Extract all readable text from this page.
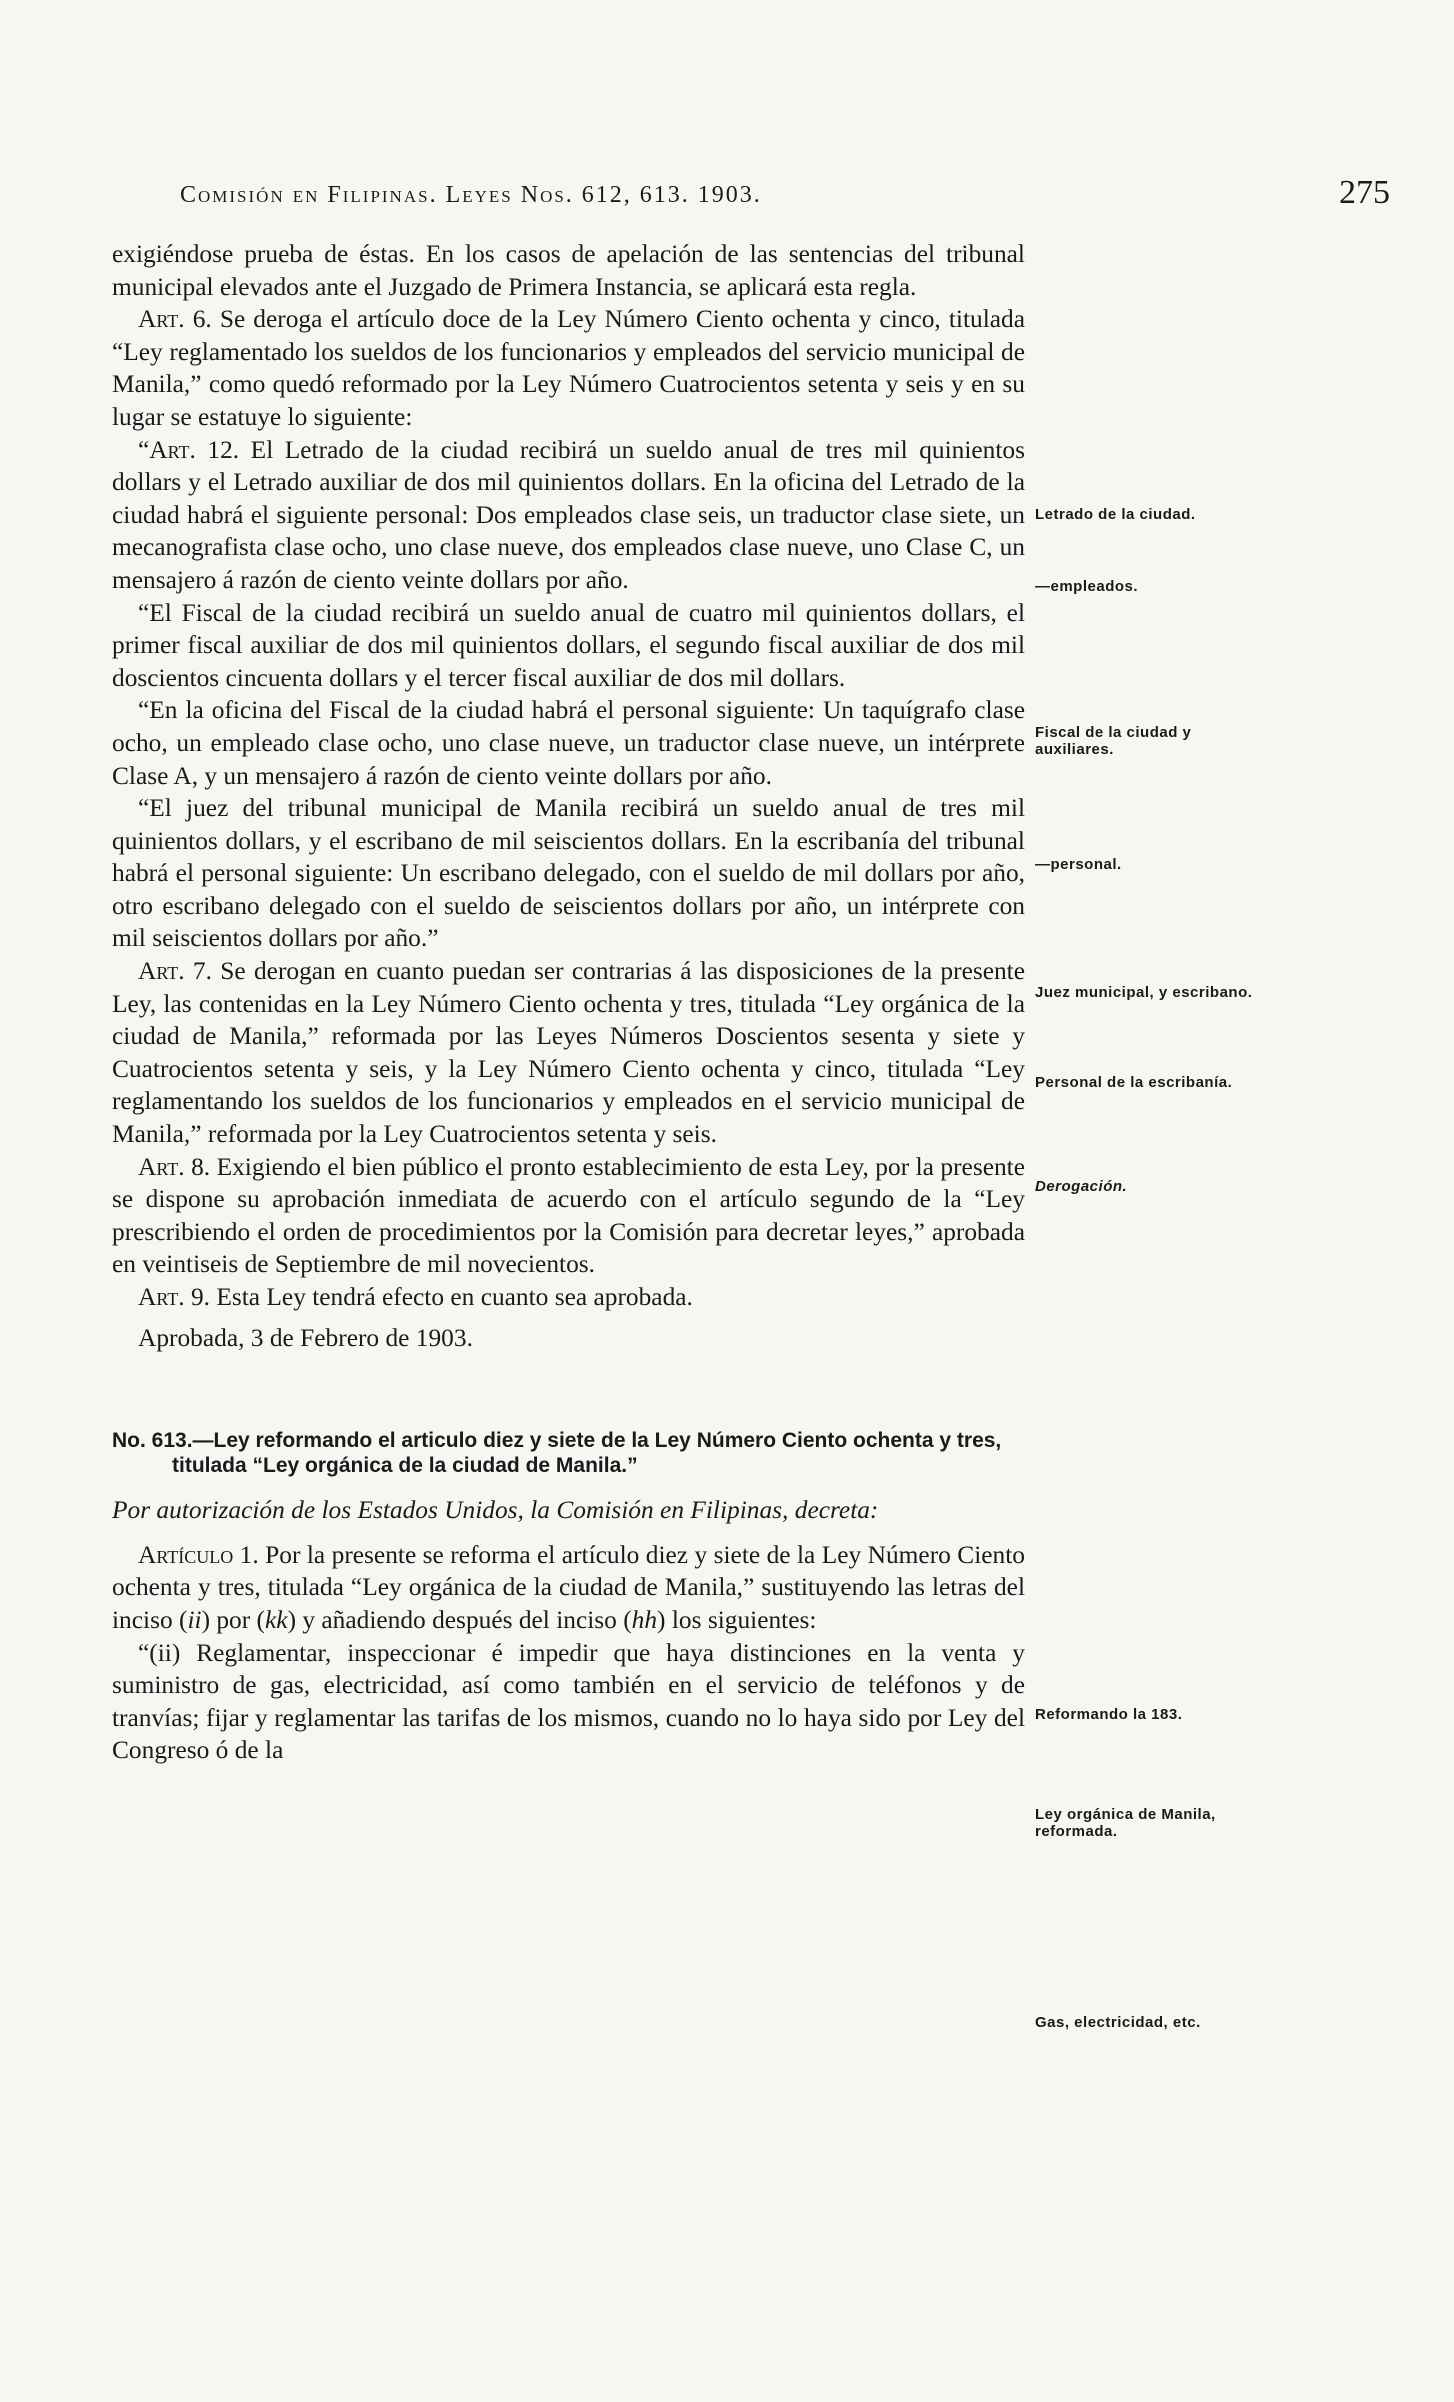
Comisión en Filipinas. Leyes Nos. 612, 613. 1903.	275

exigiéndose prueba de éstas. En los casos de apelación de las sentencias del tribunal municipal elevados ante el Juzgado de Primera Instancia, se aplicará esta regla.

Art. 6. Se deroga el artículo doce de la Ley Número Ciento ochenta y cinco, titulada “Ley reglamentado los sueldos de los funcionarios y empleados del servicio municipal de Manila,” como quedó reformado por la Ley Número Cuatrocientos setenta y seis y en su lugar se estatuye lo siguiente:

“Art. 12. El Letrado de la ciudad recibirá un sueldo anual de tres mil quinientos dollars y el Letrado auxiliar de dos mil quinientos dollars. En la oficina del Letrado de la ciudad habrá el siguiente personal: Dos empleados clase seis, un traductor clase siete, un mecanografista clase ocho, uno clase nueve, dos empleados clase nueve, uno Clase C, un mensajero á razón de ciento veinte dollars por año.

“El Fiscal de la ciudad recibirá un sueldo anual de cuatro mil quinientos dollars, el primer fiscal auxiliar de dos mil quinientos dollars, el segundo fiscal auxiliar de dos mil doscientos cincuenta dollars y el tercer fiscal auxiliar de dos mil dollars.

“En la oficina del Fiscal de la ciudad habrá el personal siguiente: Un taquígrafo clase ocho, un empleado clase ocho, uno clase nueve, un traductor clase nueve, un intérprete Clase A, y un mensajero á razón de ciento veinte dollars por año.

“El juez del tribunal municipal de Manila recibirá un sueldo anual de tres mil quinientos dollars, y el escribano de mil seiscientos dollars. En la escribanía del tribunal habrá el personal siguiente: Un escribano delegado, con el sueldo de mil dollars por año, otro escribano delegado con el sueldo de seiscientos dollars por año, un intérprete con mil seiscientos dollars por año.”

Art. 7. Se derogan en cuanto puedan ser contrarias á las disposiciones de la presente Ley, las contenidas en la Ley Número Ciento ochenta y tres, titulada “Ley orgánica de la ciudad de Manila,” reformada por las Leyes Números Doscientos sesenta y siete y Cuatrocientos setenta y seis, y la Ley Número Ciento ochenta y cinco, titulada “Ley reglamentando los sueldos de los funcionarios y empleados en el servicio municipal de Manila,” reformada por la Ley Cuatrocientos setenta y seis.

Art. 8. Exigiendo el bien público el pronto establecimiento de esta Ley, por la presente se dispone su aprobación inmediata de acuerdo con el artículo segundo de la “Ley prescribiendo el orden de procedimientos por la Comisión para decretar leyes,” aprobada en veintiseis de Septiembre de mil novecientos.

Art. 9. Esta Ley tendrá efecto en cuanto sea aprobada.

Aprobada, 3 de Febrero de 1903.

No. 613.—Ley reformando el articulo diez y siete de la Ley Número Ciento ochenta y tres, titulada “Ley orgánica de la ciudad de Manila.”

Por autorización de los Estados Unidos, la Comisión en Filipinas, decreta:

Artículo 1. Por la presente se reforma el artículo diez y siete de la Ley Número Ciento ochenta y tres, titulada “Ley orgánica de la ciudad de Manila,” sustituyendo las letras del inciso (ii) por (kk) y añadiendo después del inciso (hh) los siguientes:

“(ii) Reglamentar, inspeccionar é impedir que haya distinciones en la venta y suministro de gas, electricidad, así como también en el servicio de teléfonos y de tranvías; fijar y reglamentar las tarifas de los mismos, cuando no lo haya sido por Ley del Congreso ó de la

Letrado de la ciudad.
—empleados.
Fiscal de la ciudad y auxiliares.
—personal.
Juez municipal, y escribano.
Personal de la escribanía.
Derogación.
Reformando la 183.
Ley orgánica de Manila, reformada.
Gas, electricidad, etc.
